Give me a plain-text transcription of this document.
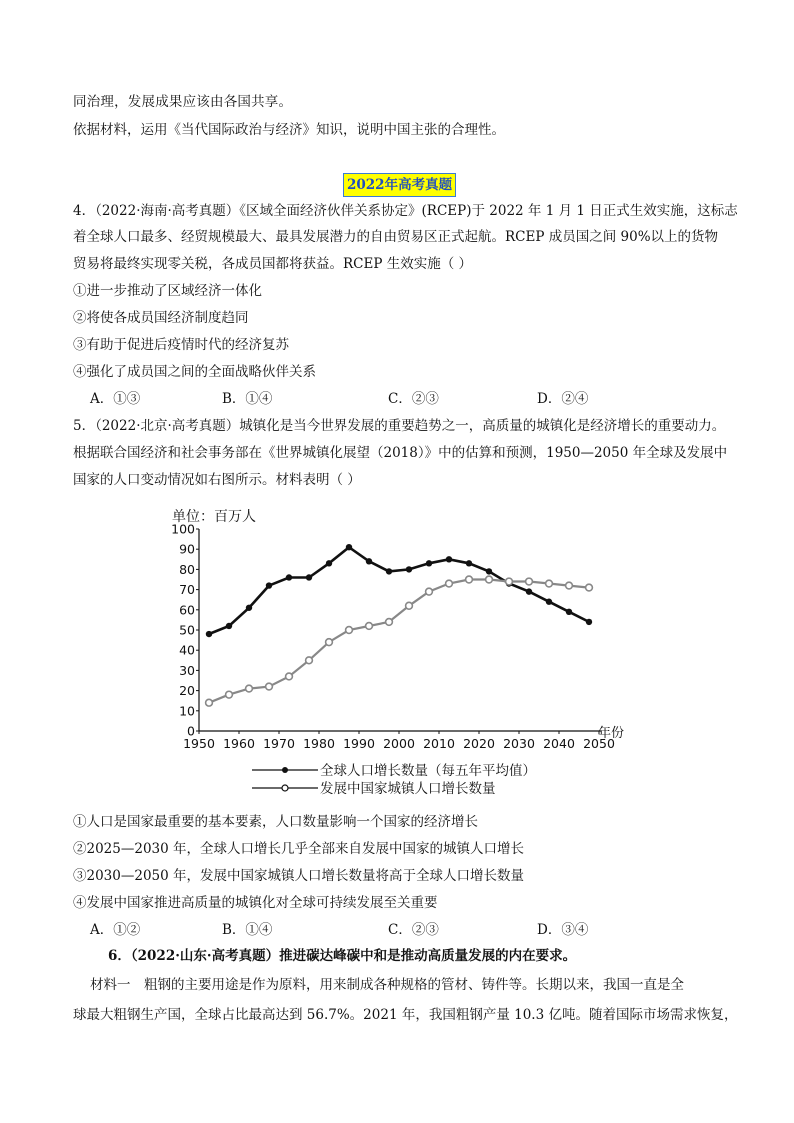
同治理，发展成果应该由各国共享。
依据材料，运用《当代国际政治与经济》知识，说明中国主张的合理性。
2022年高考真题
4．（2022·海南·高考真题）《区域全面经济伙伴关系协定》(RCEP)于 2022 年 1 月 1 日正式生效实施，这标志
着全球人口最多、经贸规模最大、最具发展潜力的自由贸易区正式起航。RCEP 成员国之间 90%以上的货物
贸易将最终实现零关税，各成员国都将获益。RCEP 生效实施（ ）
①进一步推动了区域经济一体化
②将使各成员国经济制度趋同
③有助于促进后疫情时代的经济复苏
④强化了成员国之间的全面战略伙伴关系
A．①③	B．①④	C．②③	D．②④
5．（2022·北京·高考真题）城镇化是当今世界发展的重要趋势之一，高质量的城镇化是经济增长的重要动力。
根据联合国经济和社会事务部在《世界城镇化展望（2018）》中的估算和预测，1950—2050 年全球及发展中
国家的人口变动情况如右图所示。材料表明（ ）
单位：百万人
年份
0
10
20
30
40
50
60
70
80
90
100
1950 1960 1970 1980 1990 2000 2010 2020 2030 2040 2050
全球人口增长数量（每五年平均值）
发展中国家城镇人口增长数量
①人口是国家最重要的基本要素，人口数量影响一个国家的经济增长
②2025—2030 年，全球人口增长几乎全部来自发展中国家的城镇人口增长
③2030—2050 年，发展中国家城镇人口增长数量将高于全球人口增长数量
④发展中国家推进高质量的城镇化对全球可持续发展至关重要
A．①②	B．①④	C．②③	D．③④
6．（2022·山东·高考真题）推进碳达峰碳中和是推动高质量发展的内在要求。
材料一　粗钢的主要用途是作为原料，用来制成各种规格的管材、铸件等。长期以来，我国一直是全
球最大粗钢生产国，全球占比最高达到 56.7%。2021 年，我国粗钢产量 10.3 亿吨。随着国际市场需求恢复，
